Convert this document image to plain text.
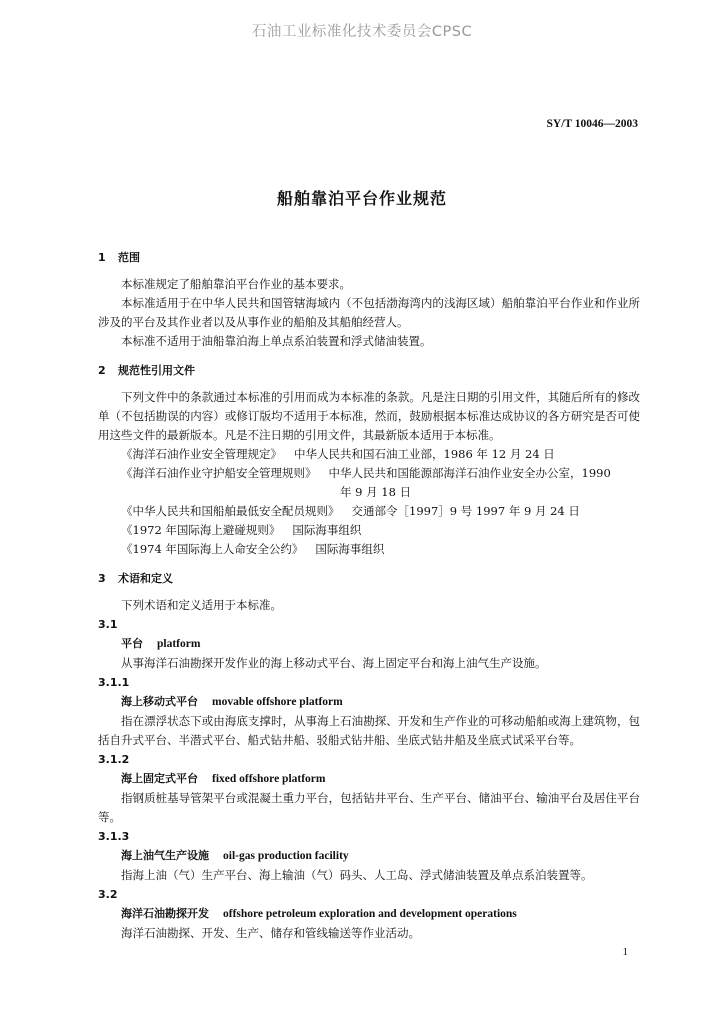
石油工业标准化技术委员会CPSC
SY/T 10046—2003
船舶靠泊平台作业规范

1 范围

本标准规定了船舶靠泊平台作业的基本要求。

本标准适用于在中华人民共和国管辖海域内（不包括渤海湾内的浅海区域）船舶靠泊平台作业和作业所涉及的平台及其作业者以及从事作业的船舶及其船舶经营人。

本标准不适用于油船靠泊海上单点系泊装置和浮式储油装置。

2 规范性引用文件

下列文件中的条款通过本标准的引用而成为本标准的条款。凡是注日期的引用文件，其随后所有的修改单（不包括勘误的内容）或修订版均不适用于本标准，然而，鼓励根据本标准达成协议的各方研究是否可使用这些文件的最新版本。凡是不注日期的引用文件，其最新版本适用于本标准。

《海洋石油作业安全管理规定》 中华人民共和国石油工业部，1986 年 12 月 24 日

《海洋石油作业守护船安全管理规则》 中华人民共和国能源部海洋石油作业安全办公室，1990

年 9 月 18 日

《中华人民共和国船舶最低安全配员规则》 交通部令［1997］9 号 1997 年 9 月 24 日

《1972 年国际海上避碰规则》 国际海事组织

《1974 年国际海上人命安全公约》 国际海事组织

3 术语和定义

下列术语和定义适用于本标准。

3.1

平台 platform

从事海洋石油勘探开发作业的海上移动式平台、海上固定平台和海上油气生产设施。

3.1.1

海上移动式平台 movable offshore platform

指在漂浮状态下或由海底支撑时，从事海上石油勘探、开发和生产作业的可移动船舶或海上建筑物，包括自升式平台、半潜式平台、船式钻井船、驳船式钻井船、坐底式钻井船及坐底式试采平台等。

3.1.2

海上固定式平台 fixed offshore platform

指钢质桩基导管架平台或混凝土重力平台，包括钻井平台、生产平台、储油平台、输油平台及居住平台等。

3.1.3

海上油气生产设施 oil-gas production facility

指海上油（气）生产平台、海上输油（气）码头、人工岛、浮式储油装置及单点系泊装置等。

3.2

海洋石油勘探开发 offshore petroleum exploration and development operations

海洋石油勘探、开发、生产、储存和管线输送等作业活动。

1
